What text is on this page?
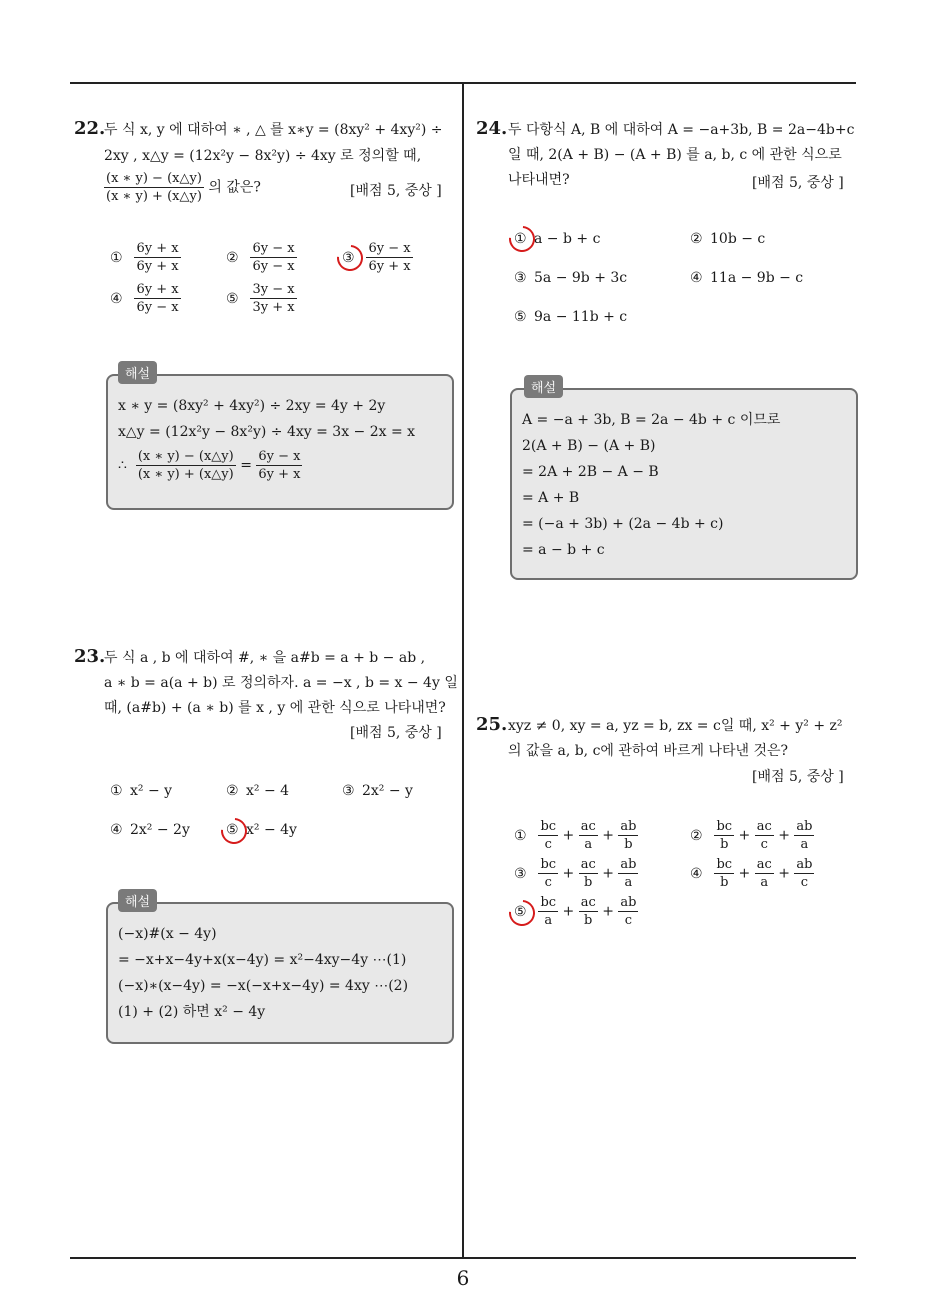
22.
두 식 x, y 에 대하여 ∗ , △ 를 x∗y = (8xy² + 4xy²) ÷
2xy , x△y = (12x²y − 8x²y) ÷ 4xy 로 정의할 때,
$\frac{(x ∗ y) - (x\triangle y)}{(x ∗ y) + (x\triangle y)}$ 의 값은?	[배점 5, 중상 ]
① $\frac{6y + x}{6y + x}$	② $\frac{6y - x}{6y - x}$	③ $\frac{6y - x}{6y + x}$
④ $\frac{6y + x}{6y - x}$	⑤ $\frac{3y - x}{3y + x}$
x ∗ y = (8xy² + 4xy²) ÷ 2xy = 4y + 2y
x△y = (12x²y − 8x²y) ÷ 4xy = 3x − 2x = x
∴ $\frac{(x ∗ y) - (x\triangle y)}{(x ∗ y) + (x\triangle y)} = \frac{6y - x}{6y + x}$
해설
23.
두 식 a , b 에 대하여 #, ∗ 을 a#b = a + b − ab ,
a ∗ b = a(a + b) 로 정의하자. a = −x , b = x − 4y 일
때, (a#b) + (a ∗ b) 를 x , y 에 관한 식으로 나타내면?
[배점 5, 중상 ]
① x² − y	② x² − 4	③ 2x² − y
④ 2x² − 2y	⑤ x² − 4y
(−x)#(x − 4y)
= −x+x−4y+x(x−4y) = x²−4xy−4y ⋯(1)
(−x)∗(x−4y) = −x(−x+x−4y) = 4xy ⋯(2)
(1) + (2) 하면 x² − 4y
해설
24. 두 다항식 A, B 에 대하여 A = −a+3b, B = 2a−4b+c
일 때, 2(A + B) − (A + B) 를 a, b, c 에 관한 식으로
나타내면?	[배점 5, 중상 ]
① a − b + c	② 10b − c
③ 5a − 9b + 3c	④ 11a − 9b − c
⑤ 9a − 11b + c
A = −a + 3b, B = 2a − 4b + c 이므로
2(A + B) − (A + B)
= 2A + 2B − A − B
= A + B
= (−a + 3b) + (2a − 4b + c)
= a − b + c
해설
25. xyz ≠ 0, xy = a, yz = b, zx = c일 때, x² + y² + z²
의 값을 a, b, c에 관하여 바르게 나타낸 것은?
[배점 5, 중상 ]
① $\frac{bc}{c} + \frac{ac}{a} + \frac{ab}{b}$	② $\frac{bc}{b} + \frac{ac}{c} + \frac{ab}{a}$
③ $\frac{bc}{c} + \frac{ac}{b} + \frac{ab}{a}$	④ $\frac{bc}{b} + \frac{ac}{a} + \frac{ab}{c}$
⑤ $\frac{bc}{a} + \frac{ac}{b} + \frac{ab}{c}$
6
